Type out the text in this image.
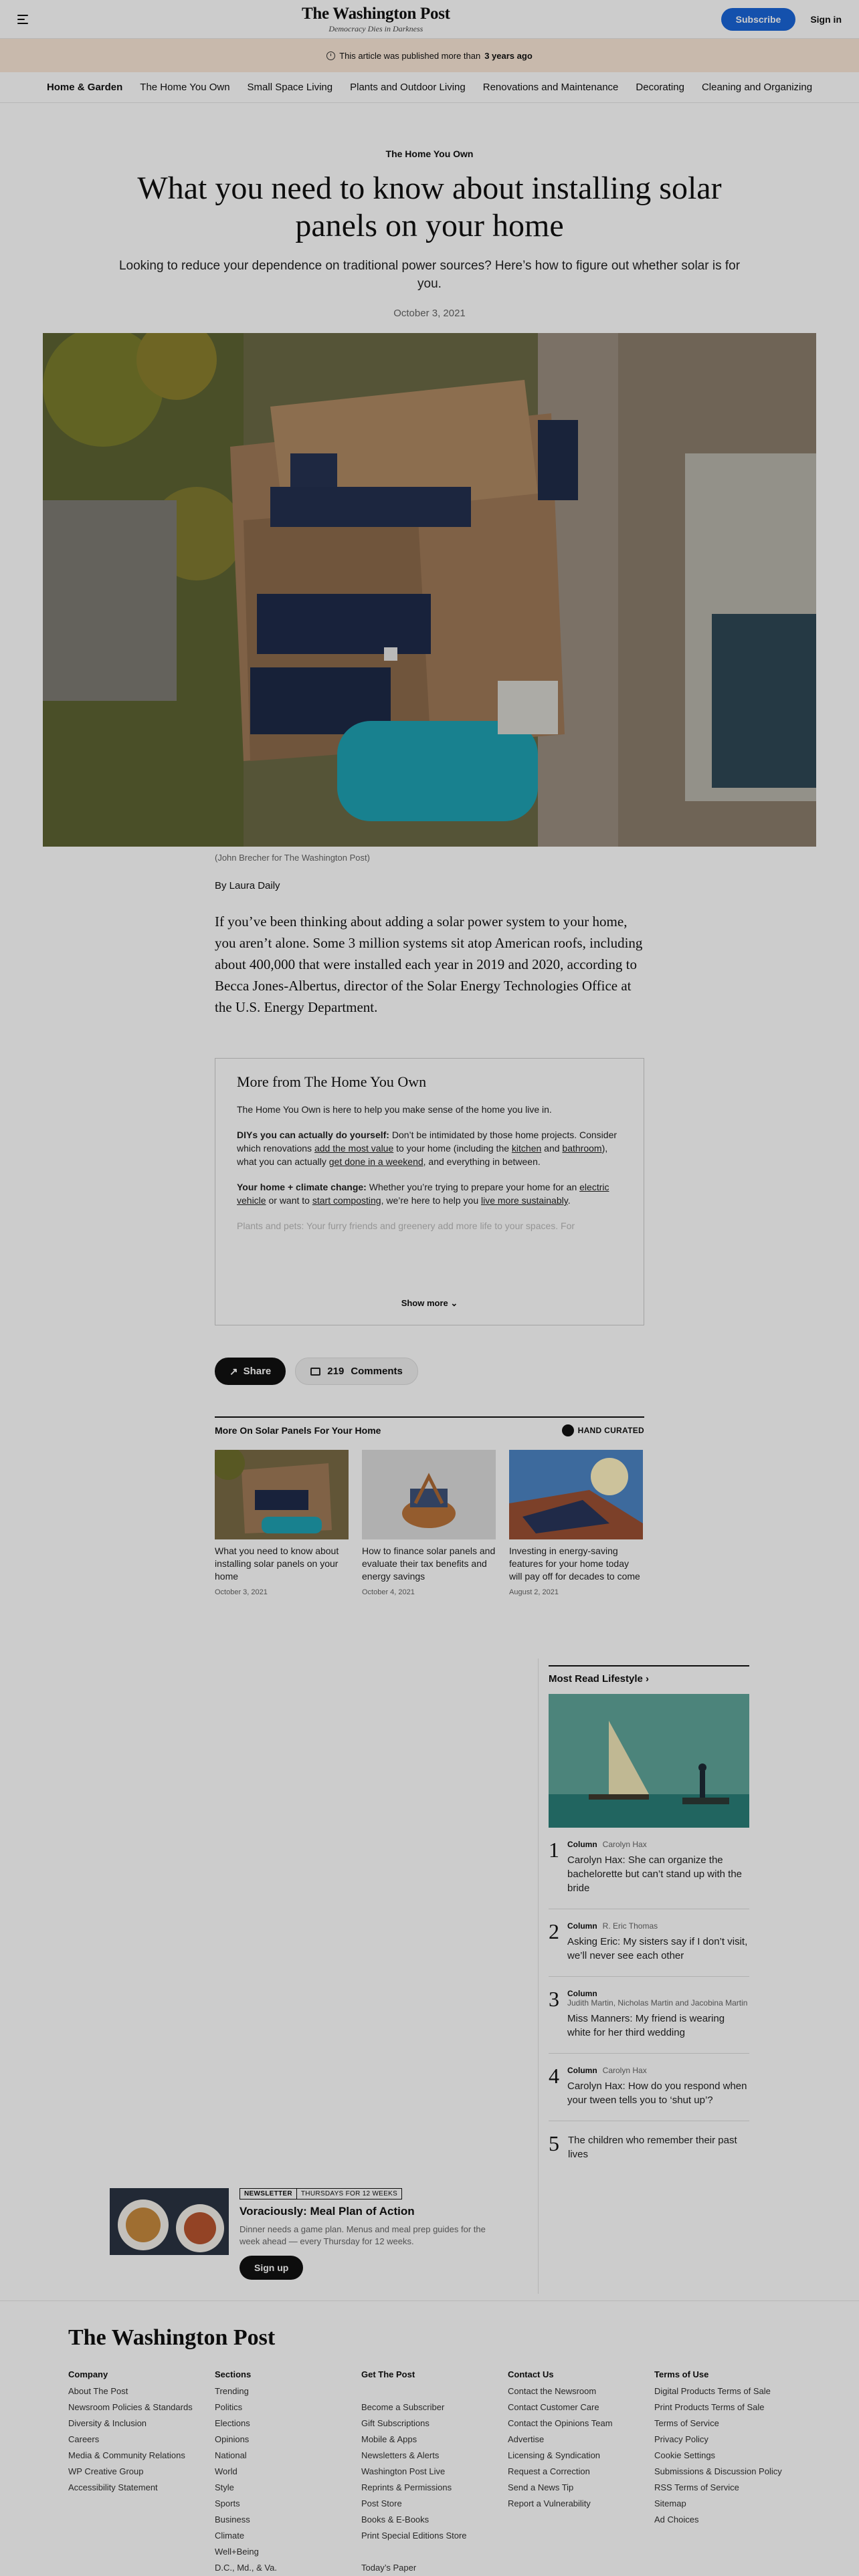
The Washington Post
Democracy Dies in Darkness
Subscribe	Sign in
This article was published more than 3 years ago
Home & Garden The Home You Own Small Space Living Plants and Outdoor Living Renovations and Maintenance Decorating Cleaning and Organizing
The Home You Own
What you need to know about installing solar panels on your home

Looking to reduce your dependence on traditional power sources? Here’s how to figure out whether solar is for you.

October 3, 2021
↗
(John Brecher for The Washington Post)
By Laura Daily

If you’ve been thinking about adding a solar power system to your home, you aren’t alone. Some 3 million systems sit atop American roofs, including about 400,000 that were installed each year in 2019 and 2020, according to Becca Jones-Albertus, director of the Solar Energy Technologies Office at the U.S. Energy Department.

More from The Home You Own

The Home You Own is here to help you make sense of the home you live in.

DIYs you can actually do yourself: Don’t be intimidated by those home projects. Consider which renovations add the most value to your home (including the kitchen and bathroom), what you can actually get done in a weekend, and everything in between.

Your home + climate change: Whether you’re trying to prepare your home for an electric vehicle or want to start composting, we’re here to help you live more sustainably.

Plants and pets: Your furry friends and greenery add more life to your spaces. For

Show more ⌄
↗ Share	219 Comments
More On Solar Panels For Your Home	HAND CURATED
What you need to know about installing solar panels on your home
October 3, 2021
How to finance solar panels and evaluate their tax benefits and energy savings
October 4, 2021
Investing in energy-saving features for your home today will pay off for decades to come
August 2, 2021
Most Read Lifestyle ›
1 Column Carolyn Hax
Carolyn Hax: She can organize the bachelorette but can’t stand up with the bride
2 Column R. Eric Thomas
Asking Eric: My sisters say if I don’t visit, we’ll never see each other
3 Column
Judith Martin, Nicholas Martin and Jacobina Martin
Miss Manners: My friend is wearing white for her third wedding
4 Column Carolyn Hax
Carolyn Hax: How do you respond when your tween tells you to ‘shut up’?
5 The children who remember their past lives
NEWSLETTER	THURSDAYS FOR 12 WEEKS
Voraciously: Meal Plan of Action
Dinner needs a game plan. Menus and meal prep guides for the week ahead — every Thursday for 12 weeks.
Sign up
The Washington Post
Company
About The Post
Newsroom Policies & Standards
Diversity & Inclusion
Careers
Media & Community Relations
WP Creative Group
Accessibility Statement
Sections
Trending
Politics
Elections
Opinions
National
World
Style
Sports
Business
Climate
Well+Being
D.C., Md., & Va.
Get The Post
Become a Subscriber
Gift Subscriptions
Mobile & Apps
Newsletters & Alerts
Washington Post Live
Reprints & Permissions
Post Store
Books & E-Books
Print Special Editions Store
Today’s Paper
Contact Us
Contact the Newsroom
Contact Customer Care
Contact the Opinions Team
Advertise
Licensing & Syndication
Request a Correction
Send a News Tip
Report a Vulnerability
Terms of Use
Digital Products Terms of Sale
Print Products Terms of Sale
Terms of Service
Privacy Policy
Cookie Settings
Submissions & Discussion Policy
RSS Terms of Service
Sitemap
Ad Choices
